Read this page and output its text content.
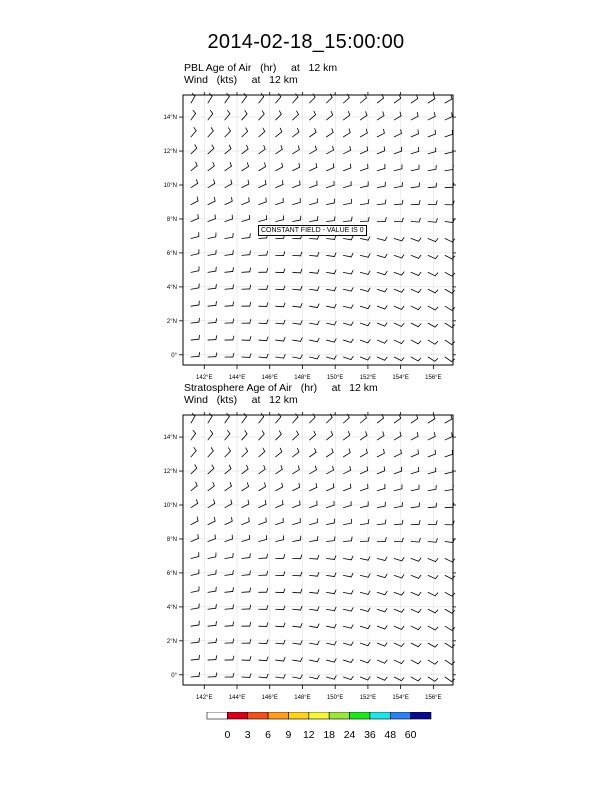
2014-02-18_15:00:00
PBL Age of Air   (hr)     at   12 km
Wind   (kts)     at   12 km
142°E	144°E	146°E	148°E	150°E	152°E	154°E	156°E
0°
2°N
4°N
6°N
8°N
10°N
12°N
14°N
CONSTANT FIELD - VALUE IS 0
Stratosphere Age of Air   (hr)     at   12 km
Wind   (kts)     at   12 km
142°E	144°E	146°E	148°E	150°E	152°E	154°E	156°E
0°
2°N
4°N
6°N
8°N
10°N
12°N
14°N
0 3 6 9 12 18 24 36 48 60
